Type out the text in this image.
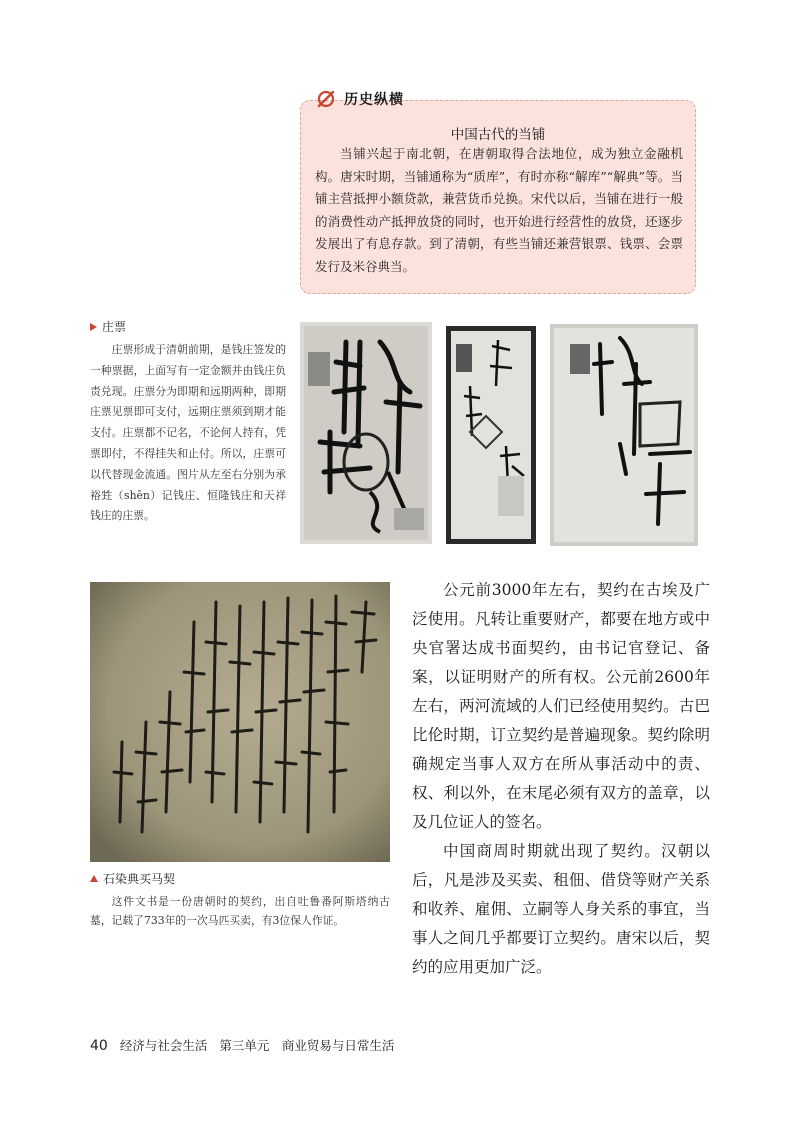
中国古代的当铺
当铺兴起于南北朝，在唐朝取得合法地位，成为独立金融机构。唐宋时期，当铺通称为“质库”，有时亦称“解库”“解典”等。当铺主营抵押小额贷款，兼营货币兑换。宋代以后，当铺在进行一般的消费性动产抵押放贷的同时，也开始进行经营性的放贷，还逐步发展出了有息存款。到了清朝，有些当铺还兼营银票、钱票、会票发行及米谷典当。
历史纵横
庄票
庄票形成于清朝前期，是钱庄签发的一种票据，上面写有一定金额并由钱庄负责兑现。庄票分为即期和远期两种，即期庄票见票即可支付，远期庄票须到期才能支付。庄票都不记名，不论何人持有，凭票即付，不得挂失和止付。所以，庄票可以代替现金流通。图片从左至右分别为承裕甡（shēn）记钱庄、恒隆钱庄和天祥钱庄的庄票。
石染典买马契
这件文书是一份唐朝时的契约，出自吐鲁番阿斯塔纳古墓，记载了733年的一次马匹买卖，有3位保人作证。

公元前3000年左右，契约在古埃及广泛使用。凡转让重要财产，都要在地方或中央官署达成书面契约，由书记官登记、备案，以证明财产的所有权。公元前2600年左右，两河流域的人们已经使用契约。古巴比伦时期，订立契约是普遍现象。契约除明确规定当事人双方在所从事活动中的责、权、利以外，在末尾必须有双方的盖章，以及几位证人的签名。

中国商周时期就出现了契约。汉朝以后，凡是涉及买卖、租佃、借贷等财产关系和收养、雇佣、立嗣等人身关系的事宜，当事人之间几乎都要订立契约。唐宋以后，契约的应用更加广泛。

40 经济与社会生活 第三单元　商业贸易与日常生活
